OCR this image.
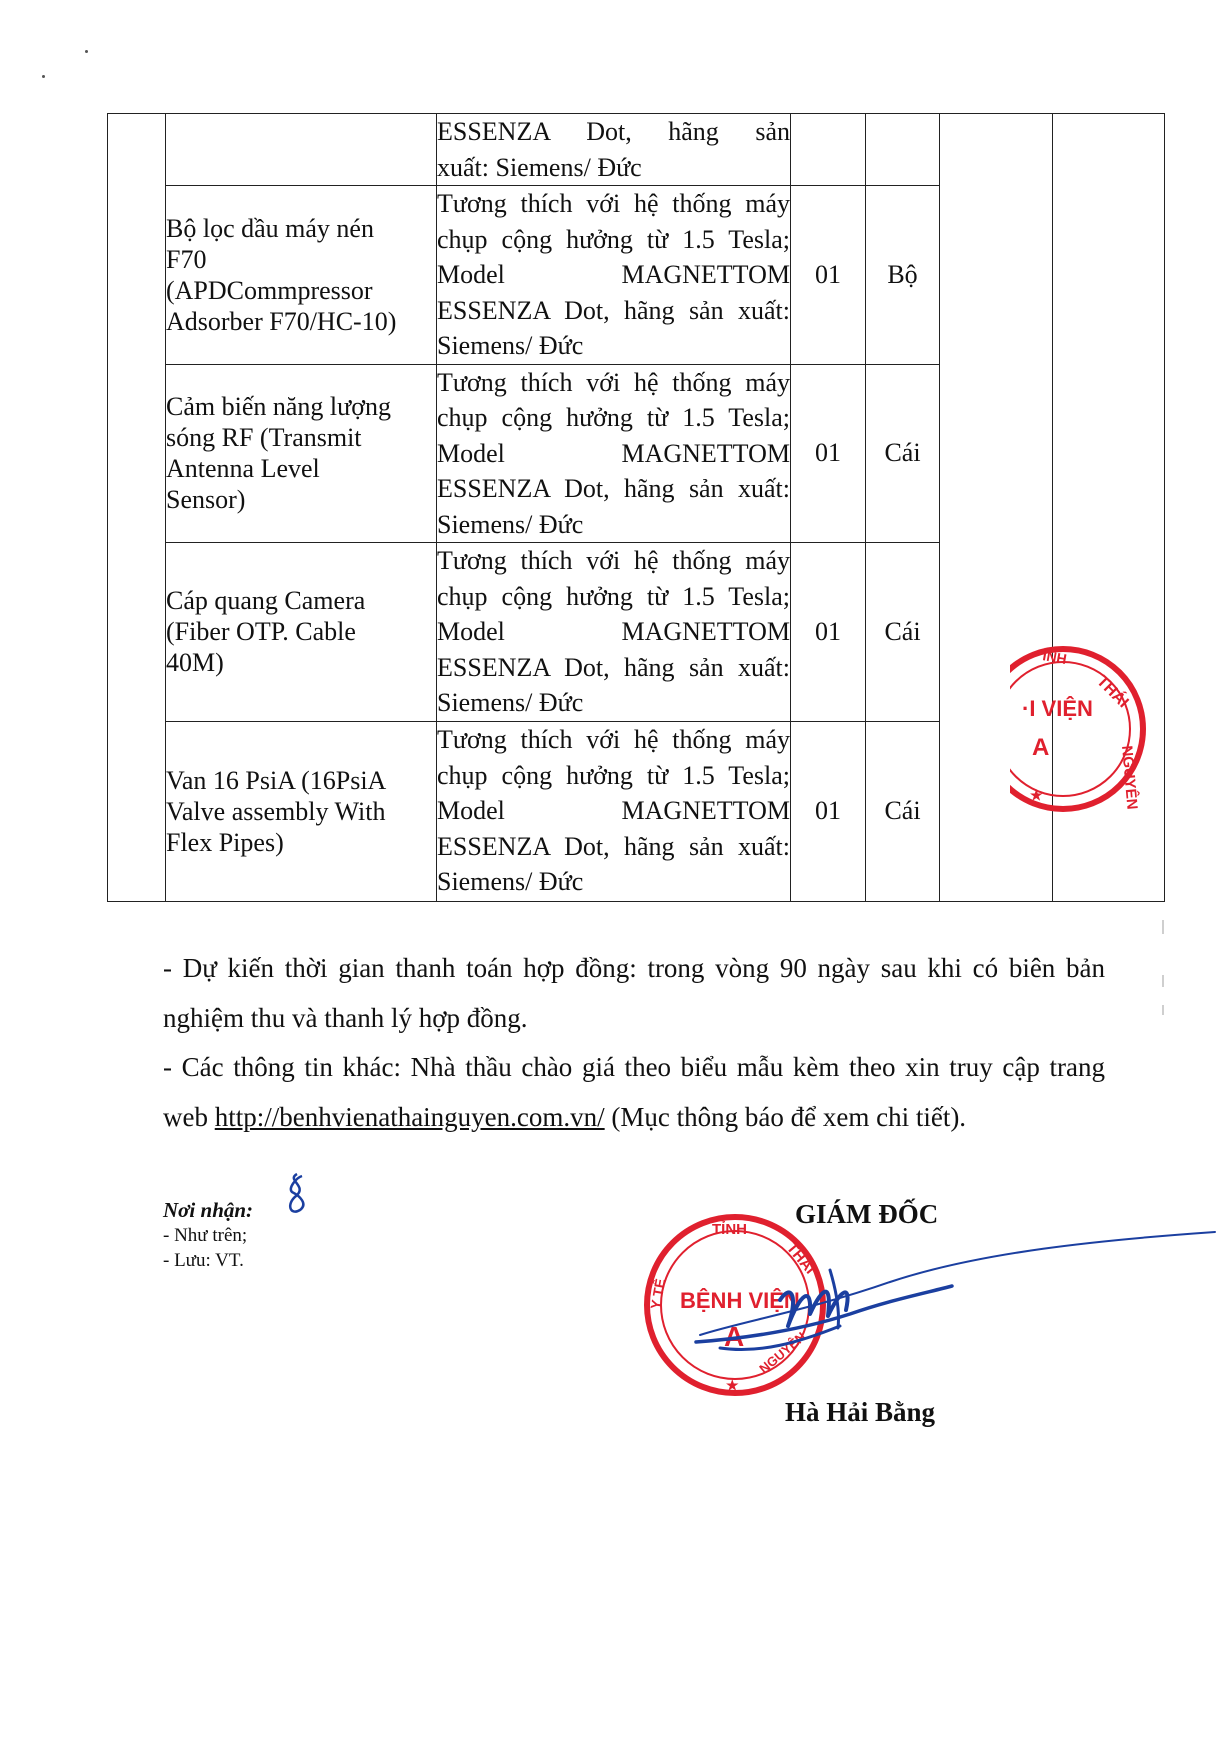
		ESSENZA Dot, hãng sản
xuất: Siemens/ Đức				

	Bộ lọc dầu máy nén
F70
(APDCommpressor
Adsorber F70/HC-10)	Tương thích với hệ thống máy chụp cộng hưởng từ 1.5 Tesla; Model MAGNETTOM ESSENZA Dot, hãng sản xuất: Siemens/ Đức	01	Bộ		

	Cảm biến năng lượng
sóng RF (Transmit
Antenna Level
Sensor)	Tương thích với hệ thống máy chụp cộng hưởng từ 1.5 Tesla; Model MAGNETTOM ESSENZA Dot, hãng sản xuất: Siemens/ Đức	01	Cái		

	Cáp quang Camera
(Fiber OTP. Cable
40M)	Tương thích với hệ thống máy chụp cộng hưởng từ 1.5 Tesla; Model MAGNETTOM ESSENZA Dot, hãng sản xuất: Siemens/ Đức	01	Cái		

	Van 16 PsiA (16PsiA
Valve assembly With
Flex Pipes)	Tương thích với hệ thống máy chụp cộng hưởng từ 1.5 Tesla; Model MAGNETTOM ESSENZA Dot, hãng sản xuất: Siemens/ Đức	01	Cái		
ỈNH
THÁI
NGUYÊN
·I VIỆN
A
★

- Dự kiến thời gian thanh toán hợp đồng: trong vòng 90 ngày sau khi có biên bản nghiệm thu và thanh lý hợp đồng.

- Các thông tin khác: Nhà thầu chào giá theo biểu mẫu kèm theo xin truy cập trang web http://benhvienathainguyen.com.vn/ (Mục thông báo để xem chi tiết).

Nơi nhận:
- Như trên;
- Lưu: VT.
GIÁM ĐỐC
TỈNH
Y TẾ
THÁI
BỆNH VIỆN
A NGUYÊN
★
Hà Hải Bằng
